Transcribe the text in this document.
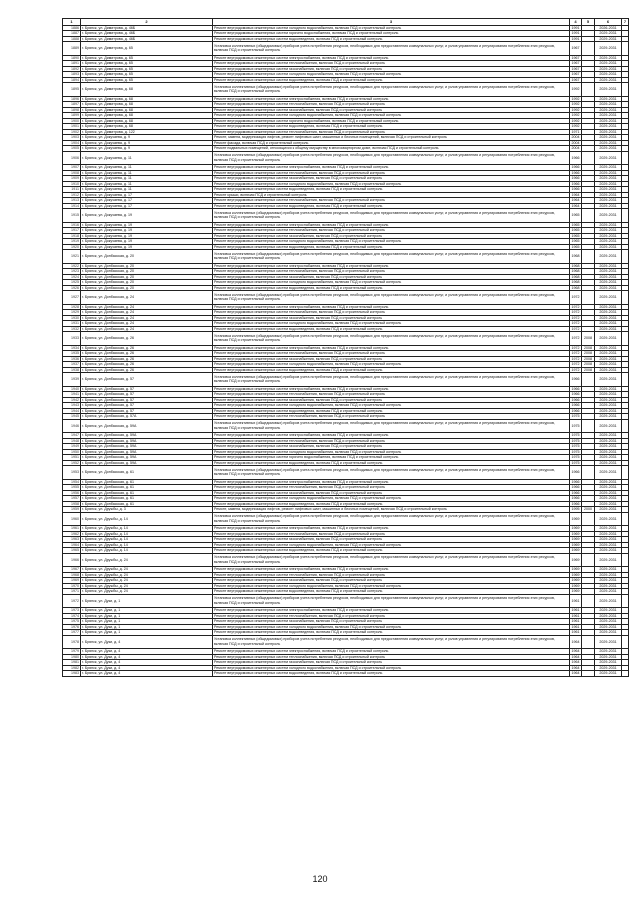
1	2	3	4	5	6	7
1886	г. Брянск, ул. Димитрова, д. 46Б	Ремонт внутридомовых инженерных систем холодного водоснабжения, включая ПСД и строительный контроль	1991		2026-2031	
1887	г. Брянск, ул. Димитрова, д. 46Б	Ремонт внутридомовых инженерных систем горячего водоснабжения, включая ПСД и строительный контроль	1991		2029-2031	
1888	г. Брянск, ул. Димитрова, д. 46Б	Ремонт внутридомовых инженерных систем водоотведения, включая ПСД и строительный контроль	1991		2029-2031	
1889	г. Брянск, ул. Димитрова, д. 65	Установка коллективных (общедомовых) приборов учета потребления ресурсов, необходимых для предоставления коммунальных услуг, и узлов управления и регулирования потребления этих ресурсов, включая ПСД и строительный контроль	1967		2029-2031	
1890	г. Брянск, ул. Димитрова, д. 65	Ремонт внутридомовых инженерных систем электроснабжения, включая ПСД и строительный контроль	1967		2029-2031	
1891	г. Брянск, ул. Димитрова, д. 65	Ремонт внутридомовых инженерных систем теплоснабжения, включая ПСД и строительный контроль	1967		2029-2031	
1892	г. Брянск, ул. Димитрова, д. 65	Ремонт внутридомовых инженерных систем газоснабжения, включая ПСД и строительный контроль	1967		2029-2031	
1893	г. Брянск, ул. Димитрова, д. 65	Ремонт внутридомовых инженерных систем холодного водоснабжения, включая ПСД и строительный контроль	1967		2029-2031	
1894	г. Брянск, ул. Димитрова, д. 65	Ремонт внутридомовых инженерных систем водоотведения, включая ПСД и строительный контроль	1967		2029-2031	
1895	г. Брянск, ул. Димитрова, д. 68	Установка коллективных (общедомовых) приборов учета потребления ресурсов, необходимых для предоставления коммунальных услуг, и узлов управления и регулирования потребления этих ресурсов, включая ПСД и строительный контроль	1992		2029-2031	
1896	г. Брянск, ул. Димитрова, д. 68	Ремонт внутридомовых инженерных систем электроснабжения, включая ПСД и строительный контроль	1992		2029-2031	
1897	г. Брянск, ул. Димитрова, д. 68	Ремонт внутридомовых инженерных систем теплоснабжения, включая ПСД и строительный контроль	1992		2029-2031	
1898	г. Брянск, ул. Димитрова, д. 68	Ремонт внутридомовых инженерных систем газоснабжения, включая ПСД и строительный контроль	1992		2029-2031	
1899	г. Брянск, ул. Димитрова, д. 68	Ремонт внутридомовых инженерных систем холодного водоснабжения, включая ПСД и строительный контроль	1992		2029-2031	
1900	г. Брянск, ул. Димитрова, д. 68	Ремонт внутридомовых инженерных систем горячего водоснабжения, включая ПСД и строительный контроль	1992		2029-2031	
1901	г. Брянск, ул. Димитрова, д. 68	Ремонт внутридомовых инженерных систем водоотведения, включая ПСД и строительный контроль	1992		2029-2031	
1902	г. Брянск, ул. Димитрова, д. 122	Ремонт внутридомовых инженерных систем теплоснабжения, включая ПСД и строительный контроль	1971		2029-2031	
1903	г. Брянск, ул. Докучаева, д. 9	Ремонт, замена, модернизация лифтов, ремонт лифтовых шахт, машинных и блочных помещений, включая ПСД и строительный контроль	2004		2029-2031	
1904	г. Брянск, ул. Докучаева, д. 9	Ремонт фасада, включая ПСД и строительный контроль	2004		2029-2031	
1905	г. Брянск, ул. Докучаева, д. 9	Ремонт подвальных помещений, относящихся к общему имуществу в многоквартирном доме, включая ПСД и строительный контроль	2004		2029-2031	
1906	г. Брянск, ул. Докучаева, д. 11	Установка коллективных (общедомовых) приборов учета потребления ресурсов, необходимых для предоставления коммунальных услуг, и узлов управления и регулирования потребления этих ресурсов, включая ПСД и строительный контроль	1966		2029-2031	
1907	г. Брянск, ул. Докучаева, д. 11	Ремонт внутридомовых инженерных систем электроснабжения, включая ПСД и строительный контроль	1966		2029-2031	
1908	г. Брянск, ул. Докучаева, д. 11	Ремонт внутридомовых инженерных систем теплоснабжения, включая ПСД и строительный контроль	1966		2029-2031	
1909	г. Брянск, ул. Докучаева, д. 11	Ремонт внутридомовых инженерных систем газоснабжения, включая ПСД и строительный контроль	1966		2029-2031	
1910	г. Брянск, ул. Докучаева, д. 11	Ремонт внутридомовых инженерных систем холодного водоснабжения, включая ПСД и строительный контроль	1966		2029-2031	
1911	г. Брянск, ул. Докучаева, д. 11	Ремонт внутридомовых инженерных систем водоотведения, включая ПСД и строительный контроль	1966		2029-2031	
1912	г. Брянск, ул. Докучаева, д. 17	Ремонт крыши, включая ПСД и строительный контроль	1964		2029-2031	
1913	г. Брянск, ул. Докучаева, д. 17	Ремонт внутридомовых инженерных систем теплоснабжения, включая ПСД и строительный контроль	1964		2029-2031	
1914	г. Брянск, ул. Докучаева, д. 17	Ремонт внутридомовых инженерных систем водоотведения, включая ПСД и строительный контроль	1964		2029-2031	
1915	г. Брянск, ул. Докучаева, д. 19	Установка коллективных (общедомовых) приборов учета потребления ресурсов, необходимых для предоставления коммунальных услуг, и узлов управления и регулирования потребления этих ресурсов, включая ПСД и строительный контроль	1965		2029-2031	
1916	г. Брянск, ул. Докучаева, д. 19	Ремонт внутридомовых инженерных систем электроснабжения, включая ПСД и строительный контроль	1965		2029-2031	
1917	г. Брянск, ул. Докучаева, д. 19	Ремонт внутридомовых инженерных систем теплоснабжения, включая ПСД и строительный контроль	1965		2029-2031	
1918	г. Брянск, ул. Докучаева, д. 19	Ремонт внутридомовых инженерных систем газоснабжения, включая ПСД и строительный контроль	1965		2029-2031	
1919	г. Брянск, ул. Докучаева, д. 19	Ремонт внутридомовых инженерных систем холодного водоснабжения, включая ПСД и строительный контроль	1965		2029-2031	
1920	г. Брянск, ул. Докучаева, д. 19	Ремонт внутридомовых инженерных систем водоотведения, включая ПСД и строительный контроль	1965		2029-2031	
1921	г. Брянск, ул. Донбасская, д. 20	Установка коллективных (общедомовых) приборов учета потребления ресурсов, необходимых для предоставления коммунальных услуг, и узлов управления и регулирования потребления этих ресурсов, включая ПСД и строительный контроль	1968		2029-2031	
1922	г. Брянск, ул. Донбасская, д. 20	Ремонт внутридомовых инженерных систем электроснабжения, включая ПСД и строительный контроль	1968		2029-2031	
1923	г. Брянск, ул. Донбасская, д. 20	Ремонт внутридомовых инженерных систем теплоснабжения, включая ПСД и строительный контроль	1968		2029-2031	
1924	г. Брянск, ул. Донбасская, д. 20	Ремонт внутридомовых инженерных систем газоснабжения, включая ПСД и строительный контроль	1968		2029-2031	
1925	г. Брянск, ул. Донбасская, д. 20	Ремонт внутридомовых инженерных систем холодного водоснабжения, включая ПСД и строительный контроль	1968		2029-2031	
1926	г. Брянск, ул. Донбасская, д. 20	Ремонт внутридомовых инженерных систем водоотведения, включая ПСД и строительный контроль	1968		2029-2031	
1927	г. Брянск, ул. Донбасская, д. 24	Установка коллективных (общедомовых) приборов учета потребления ресурсов, необходимых для предоставления коммунальных услуг, и узлов управления и регулирования потребления этих ресурсов, включая ПСД и строительный контроль	1972		2029-2031	
1928	г. Брянск, ул. Донбасская, д. 24	Ремонт внутридомовых инженерных систем электроснабжения, включая ПСД и строительный контроль	1972		2029-2031	
1929	г. Брянск, ул. Донбасская, д. 24	Ремонт внутридомовых инженерных систем теплоснабжения, включая ПСД и строительный контроль	1972		2029-2031	
1930	г. Брянск, ул. Донбасская, д. 24	Ремонт внутридомовых инженерных систем газоснабжения, включая ПСД и строительный контроль	1972		2029-2031	
1931	г. Брянск, ул. Донбасская, д. 24	Ремонт внутридомовых инженерных систем холодного водоснабжения, включая ПСД и строительный контроль	1972		2029-2031	
1932	г. Брянск, ул. Донбасская, д. 24	Ремонт внутридомовых инженерных систем водоотведения, включая ПСД и строительный контроль	1972		2029-2031	
1933	г. Брянск, ул. Донбасская, д. 26	Установка коллективных (общедомовых) приборов учета потребления ресурсов, необходимых для предоставления коммунальных услуг, и узлов управления и регулирования потребления этих ресурсов, включая ПСД и строительный контроль	1972	2008	2029-2031	
1934	г. Брянск, ул. Донбасская, д. 26	Ремонт внутридомовых инженерных систем электроснабжения, включая ПСД и строительный контроль	1972	2008	2029-2031	
1935	г. Брянск, ул. Донбасская, д. 26	Ремонт внутридомовых инженерных систем теплоснабжения, включая ПСД и строительный контроль	1972	2008	2029-2031	
1936	г. Брянск, ул. Донбасская, д. 26	Ремонт внутридомовых инженерных систем газоснабжения, включая ПСД и строительный контроль	1972	2008	2029-2031	
1937	г. Брянск, ул. Донбасская, д. 26	Ремонт внутридомовых инженерных систем холодного водоснабжения, включая ПСД и строительный контроль	1972	2008	2029-2031	
1938	г. Брянск, ул. Донбасская, д. 26	Ремонт внутридомовых инженерных систем водоотведения, включая ПСД и строительный контроль	1972	2008	2029-2031	
1939	г. Брянск, ул. Донбасская, д. 57	Установка коллективных (общедомовых) приборов учета потребления ресурсов, необходимых для предоставления коммунальных услуг, и узлов управления и регулирования потребления этих ресурсов, включая ПСД и строительный контроль	1966		2029-2031	
1940	г. Брянск, ул. Донбасская, д. 57	Ремонт внутридомовых инженерных систем электроснабжения, включая ПСД и строительный контроль	1966		2029-2031	
1941	г. Брянск, ул. Донбасская, д. 57	Ремонт внутридомовых инженерных систем теплоснабжения, включая ПСД и строительный контроль	1966		2029-2031	
1942	г. Брянск, ул. Донбасская, д. 57	Ремонт внутридомовых инженерных систем газоснабжения, включая ПСД и строительный контроль	1966		2029-2031	
1943	г. Брянск, ул. Донбасская, д. 57	Ремонт внутридомовых инженерных систем холодного водоснабжения, включая ПСД и строительный контроль	1966		2029-2031	
1944	г. Брянск, ул. Донбасская, д. 57	Ремонт внутридомовых инженерных систем водоотведения, включая ПСД и строительный контроль	1966		2029-2031	
1945	г. Брянск, ул. Донбасская, д. 57А	Ремонт внутридомовых инженерных систем теплоснабжения, включая ПСД и строительный контроль	1975		2029-2031	
1946	г. Брянск, ул. Донбасская, д. 59А	Установка коллективных (общедомовых) приборов учета потребления ресурсов, необходимых для предоставления коммунальных услуг, и узлов управления и регулирования потребления этих ресурсов, включая ПСД и строительный контроль	1975		2029-2031	
1947	г. Брянск, ул. Донбасская, д. 59А	Ремонт внутридомовых инженерных систем электроснабжения, включая ПСД и строительный контроль	1975		2029-2031	
1948	г. Брянск, ул. Донбасская, д. 59А	Ремонт внутридомовых инженерных систем теплоснабжения, включая ПСД и строительный контроль	1975		2029-2031	
1949	г. Брянск, ул. Донбасская, д. 59А	Ремонт внутридомовых инженерных систем газоснабжения, включая ПСД и строительный контроль	1975		2029-2031	
1950	г. Брянск, ул. Донбасская, д. 59А	Ремонт внутридомовых инженерных систем холодного водоснабжения, включая ПСД и строительный контроль	1975		2029-2031	
1951	г. Брянск, ул. Донбасская, д. 59А	Ремонт внутридомовых инженерных систем горячего водоснабжения, включая ПСД и строительный контроль	1975		2029-2031	
1952	г. Брянск, ул. Донбасская, д. 59А	Ремонт внутридомовых инженерных систем водоотведения, включая ПСД и строительный контроль	1975		2029-2031	
1953	г. Брянск, ул. Донбасская, д. 61	Установка коллективных (общедомовых) приборов учета потребления ресурсов, необходимых для предоставления коммунальных услуг, и узлов управления и регулирования потребления этих ресурсов, включая ПСД и строительный контроль	1966		2029-2031	
1954	г. Брянск, ул. Донбасская, д. 61	Ремонт внутридомовых инженерных систем электроснабжения, включая ПСД и строительный контроль	1966		2029-2031	
1955	г. Брянск, ул. Донбасская, д. 61	Ремонт внутридомовых инженерных систем теплоснабжения, включая ПСД и строительный контроль	1966		2029-2031	
1956	г. Брянск, ул. Донбасская, д. 61	Ремонт внутридомовых инженерных систем газоснабжения, включая ПСД и строительный контроль	1966		2029-2031	
1957	г. Брянск, ул. Донбасская, д. 61	Ремонт внутридомовых инженерных систем холодного водоснабжения, включая ПСД и строительный контроль	1966		2029-2031	
1958	г. Брянск, ул. Донбасская, д. 61	Ремонт внутридомовых инженерных систем водоотведения, включая ПСД и строительный контроль	1966		2029-2031	
1959	г. Брянск, ул. Дружбы, д. 3	Ремонт, замена, модернизация лифтов, ремонт лифтовых шахт, машинных и блочных помещений, включая ПСД и строительный контроль	1995	2000	2029-2031	
1960	г. Брянск, ул. Дружбы, д. 14	Установка коллективных (общедомовых) приборов учета потребления ресурсов, необходимых для предоставления коммунальных услуг, и узлов управления и регулирования потребления этих ресурсов, включая ПСД и строительный контроль	1969		2029-2031	
1961	г. Брянск, ул. Дружбы, д. 14	Ремонт внутридомовых инженерных систем электроснабжения, включая ПСД и строительный контроль	1969		2029-2031	
1962	г. Брянск, ул. Дружбы, д. 14	Ремонт внутридомовых инженерных систем теплоснабжения, включая ПСД и строительный контроль	1969		2029-2031	
1963	г. Брянск, ул. Дружбы, д. 14	Ремонт внутридомовых инженерных систем газоснабжения, включая ПСД и строительный контроль	1969		2029-2031	
1964	г. Брянск, ул. Дружбы, д. 14	Ремонт внутридомовых инженерных систем холодного водоснабжения, включая ПСД и строительный контроль	1969		2029-2031	
1965	г. Брянск, ул. Дружбы, д. 14	Ремонт внутридомовых инженерных систем водоотведения, включая ПСД и строительный контроль	1969		2029-2031	
1966	г. Брянск, ул. Дружбы, д. 24	Установка коллективных (общедомовых) приборов учета потребления ресурсов, необходимых для предоставления коммунальных услуг, и узлов управления и регулирования потребления этих ресурсов, включая ПСД и строительный контроль	1969		2029-2031	
1967	г. Брянск, ул. Дружбы, д. 24	Ремонт внутридомовых инженерных систем электроснабжения, включая ПСД и строительный контроль	1969		2029-2031	
1968	г. Брянск, ул. Дружбы, д. 24	Ремонт внутридомовых инженерных систем теплоснабжения, включая ПСД и строительный контроль	1969		2029-2031	
1969	г. Брянск, ул. Дружбы, д. 24	Ремонт внутридомовых инженерных систем газоснабжения, включая ПСД и строительный контроль	1969		2029-2031	
1970	г. Брянск, ул. Дружбы, д. 24	Ремонт внутридомовых инженерных систем холодного водоснабжения, включая ПСД и строительный контроль	1969		2029-2031	
1971	г. Брянск, ул. Дружбы, д. 24	Ремонт внутридомовых инженерных систем водоотведения, включая ПСД и строительный контроль	1969		2029-2031	
1972	г. Брянск, ул. Дуки, д. 1	Установка коллективных (общедомовых) приборов учета потребления ресурсов, необходимых для предоставления коммунальных услуг, и узлов управления и регулирования потребления этих ресурсов, включая ПСД и строительный контроль	1961		2029-2031	
1973	г. Брянск, ул. Дуки, д. 1	Ремонт внутридомовых инженерных систем электроснабжения, включая ПСД и строительный контроль	1961		2029-2031	
1974	г. Брянск, ул. Дуки, д. 1	Ремонт внутридомовых инженерных систем теплоснабжения, включая ПСД и строительный контроль	1961		2029-2031	
1975	г. Брянск, ул. Дуки, д. 1	Ремонт внутридомовых инженерных систем газоснабжения, включая ПСД и строительный контроль	1961		2029-2031	
1976	г. Брянск, ул. Дуки, д. 1	Ремонт внутридомовых инженерных систем холодного водоснабжения, включая ПСД и строительный контроль	1961		2029-2031	
1977	г. Брянск, ул. Дуки, д. 1	Ремонт внутридомовых инженерных систем водоотведения, включая ПСД и строительный контроль	1961		2029-2031	
1978	г. Брянск, ул. Дуки, д. 4	Установка коллективных (общедомовых) приборов учета потребления ресурсов, необходимых для предоставления коммунальных услуг, и узлов управления и регулирования потребления этих ресурсов, включая ПСД и строительный контроль	1964		2029-2031	
1979	г. Брянск, ул. Дуки, д. 4	Ремонт внутридомовых инженерных систем электроснабжения, включая ПСД и строительный контроль	1964		2029-2031	
1980	г. Брянск, ул. Дуки, д. 4	Ремонт внутридомовых инженерных систем теплоснабжения, включая ПСД и строительный контроль	1964		2029-2031	
1981	г. Брянск, ул. Дуки, д. 4	Ремонт внутридомовых инженерных систем газоснабжения, включая ПСД и строительный контроль	1964		2029-2031	
1982	г. Брянск, ул. Дуки, д. 4	Ремонт внутридомовых инженерных систем холодного водоснабжения, включая ПСД и строительный контроль	1964		2029-2031	
1983	г. Брянск, ул. Дуки, д. 4	Ремонт внутридомовых инженерных систем водоотведения, включая ПСД и строительный контроль	1964		2029-2031	
120
